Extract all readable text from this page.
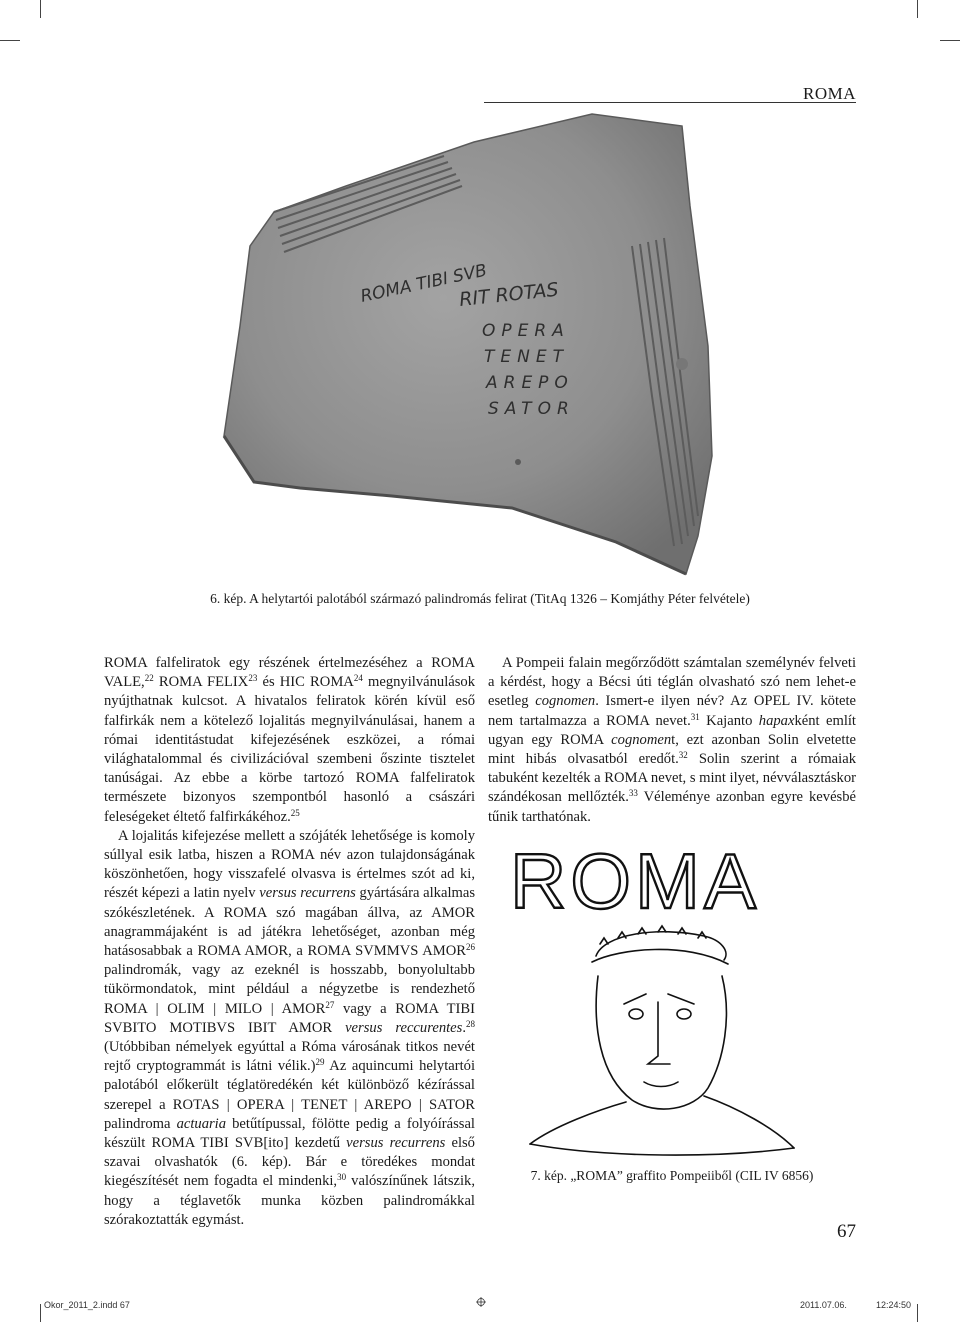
ROMA
ROMA TIBI SVB
RIT ROTAS
OPERA
TENET
AREPO
SATOR
6. kép. A helytartói palotából származó palindromás felirat (TitAq 1326 – Komjáthy Péter felvétele)

ROMA falfeliratok egy részének értelmezéséhez a ROMA VALE,$^{22}$ ROMA FELIX$^{23}$ és HIC ROMA$^{24}$ megnyilvánulások nyújthatnak kulcsot. A hivatalos feliratok körén kívül eső falfirkák nem a kötelező lojalitás megnyilvánulásai, hanem a római identitástudat kifejezésének eszközei, a római világhatalommal és civilizációval szembeni őszinte tisztelet tanúságai. Az ebbe a körbe tartozó ROMA falfeliratok természete bizonyos szempontból hasonló a császári feleségeket éltető falfirkákéhoz.$^{25}$

A lojalitás kifejezése mellett a szójáték lehetősége is komoly súllyal esik latba, hiszen a ROMA név azon tulajdonságának köszönhetően, hogy visszafelé olvasva is értelmes szót ad ki, részét képezi a latin nyelv versus recurrens gyártására alkalmas szókészletének. A ROMA szó magában állva, az AMOR anagrammájaként is ad játékra lehetőséget, azonban még hatásosabbak a ROMA AMOR, a ROMA SVMMVS AMOR$^{26}$ palindromák, vagy az ezeknél is hosszabb, bonyolultabb tükörmondatok, mint például a négyzetbe is rendezhető ROMA | OLIM | MILO | AMOR$^{27}$ vagy a ROMA TIBI SVBITO MOTIBVS IBIT AMOR versus reccurentes.$^{28}$ (Utóbbiban némelyek egyúttal a Róma városának titkos nevét rejtő cryptogrammát is látni vélik.)$^{29}$ Az aquincumi helytartói palotából előkerült téglatöredékén két különböző kézírással szerepel a ROTAS | OPERA | TENET | AREPO | SATOR palindroma actuaria betűtípussal, fölötte pedig a folyóírással készült ROMA TIBI SVB[ito] kezdetű versus recurrens első szavai olvashatók (6. kép). Bár e töredékes mondat kiegészítését nem fogadta el mindenki,$^{30}$ valószínűnek látszik, hogy a téglavetők munka közben palindromákkal szórakoztatták egymást.

A Pompeii falain megőrződött számtalan személynév felveti a kérdést, hogy a Bécsi úti téglán olvasható szó nem lehet-e esetleg cognomen. Ismert-e ilyen név? Az OPEL IV. kötete nem tartalmazza a ROMA nevet.$^{31}$ Kajanto hapaxként említ ugyan egy ROMA cognoment, ezt azonban Solin elvetette mint hibás olvasatból eredőt.$^{32}$ Solin szerint a rómaiak tabuként kezelték a ROMA nevet, s mint ilyet, névválasztáskor szándékosan mellőzték.$^{33}$ Véleménye azonban egyre kevésbé tűnik tarthatónak.

ROMA
7. kép. „ROMA” graffito Pompeiiből (CIL IV 6856)
67
Okor_2011_2.indd 67	2011.07.06.	12:24:50
